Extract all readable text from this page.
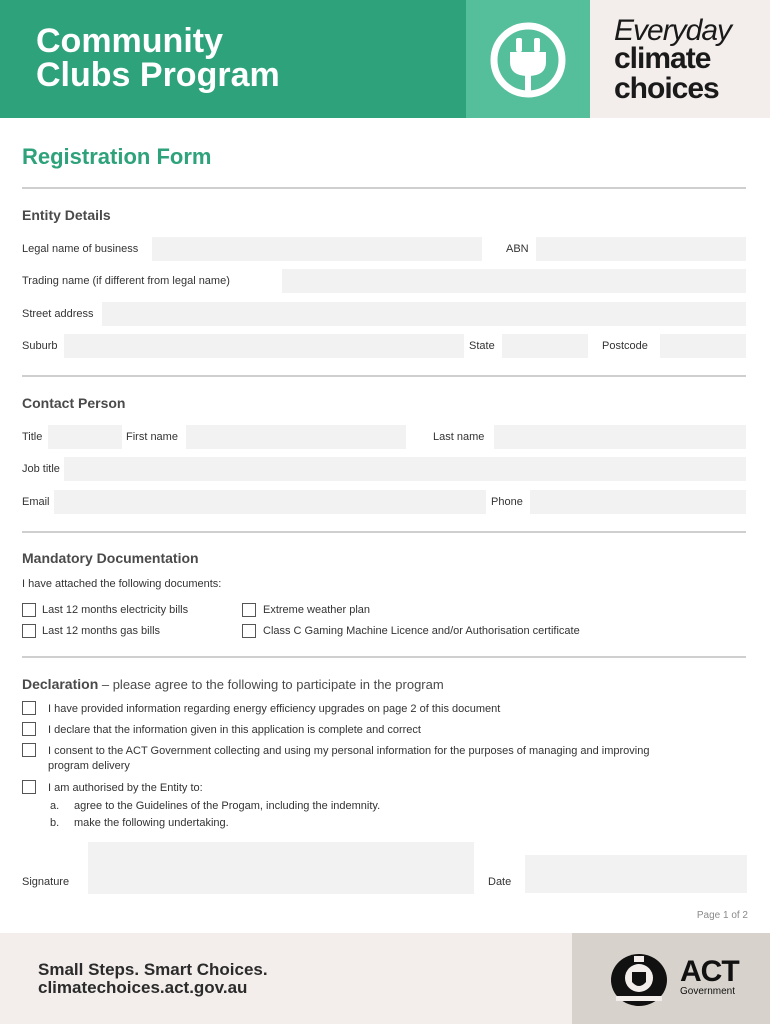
Community
Clubs Program
Everyday
climate
choices
Registration Form
Entity Details
Legal name of business	ABN
Trading name (if different from legal name)
Street address
Suburb	State	Postcode
Contact Person
Title	First name	Last name
Job title
Email	Phone
Mandatory Documentation
I have attached the following documents:
Last 12 months electricity bills	Extreme weather plan
Last 12 months gas bills	Class C Gaming Machine Licence and/or Authorisation certificate
Declaration – please agree to the following to participate in the program
I have provided information regarding energy efficiency upgrades on page 2 of this document
I declare that the information given in this application is complete and correct
I consent to the ACT Government collecting and using my personal information for the purposes of managing and improving
program delivery
I am authorised by the Entity to:
a. agree to the Guidelines of the Progam, including the indemnity.
b. make the following undertaking.
Signature	Date
Page 1 of 2
Small Steps. Smart Choices.
climatechoices.act.gov.au	ACT
Government
